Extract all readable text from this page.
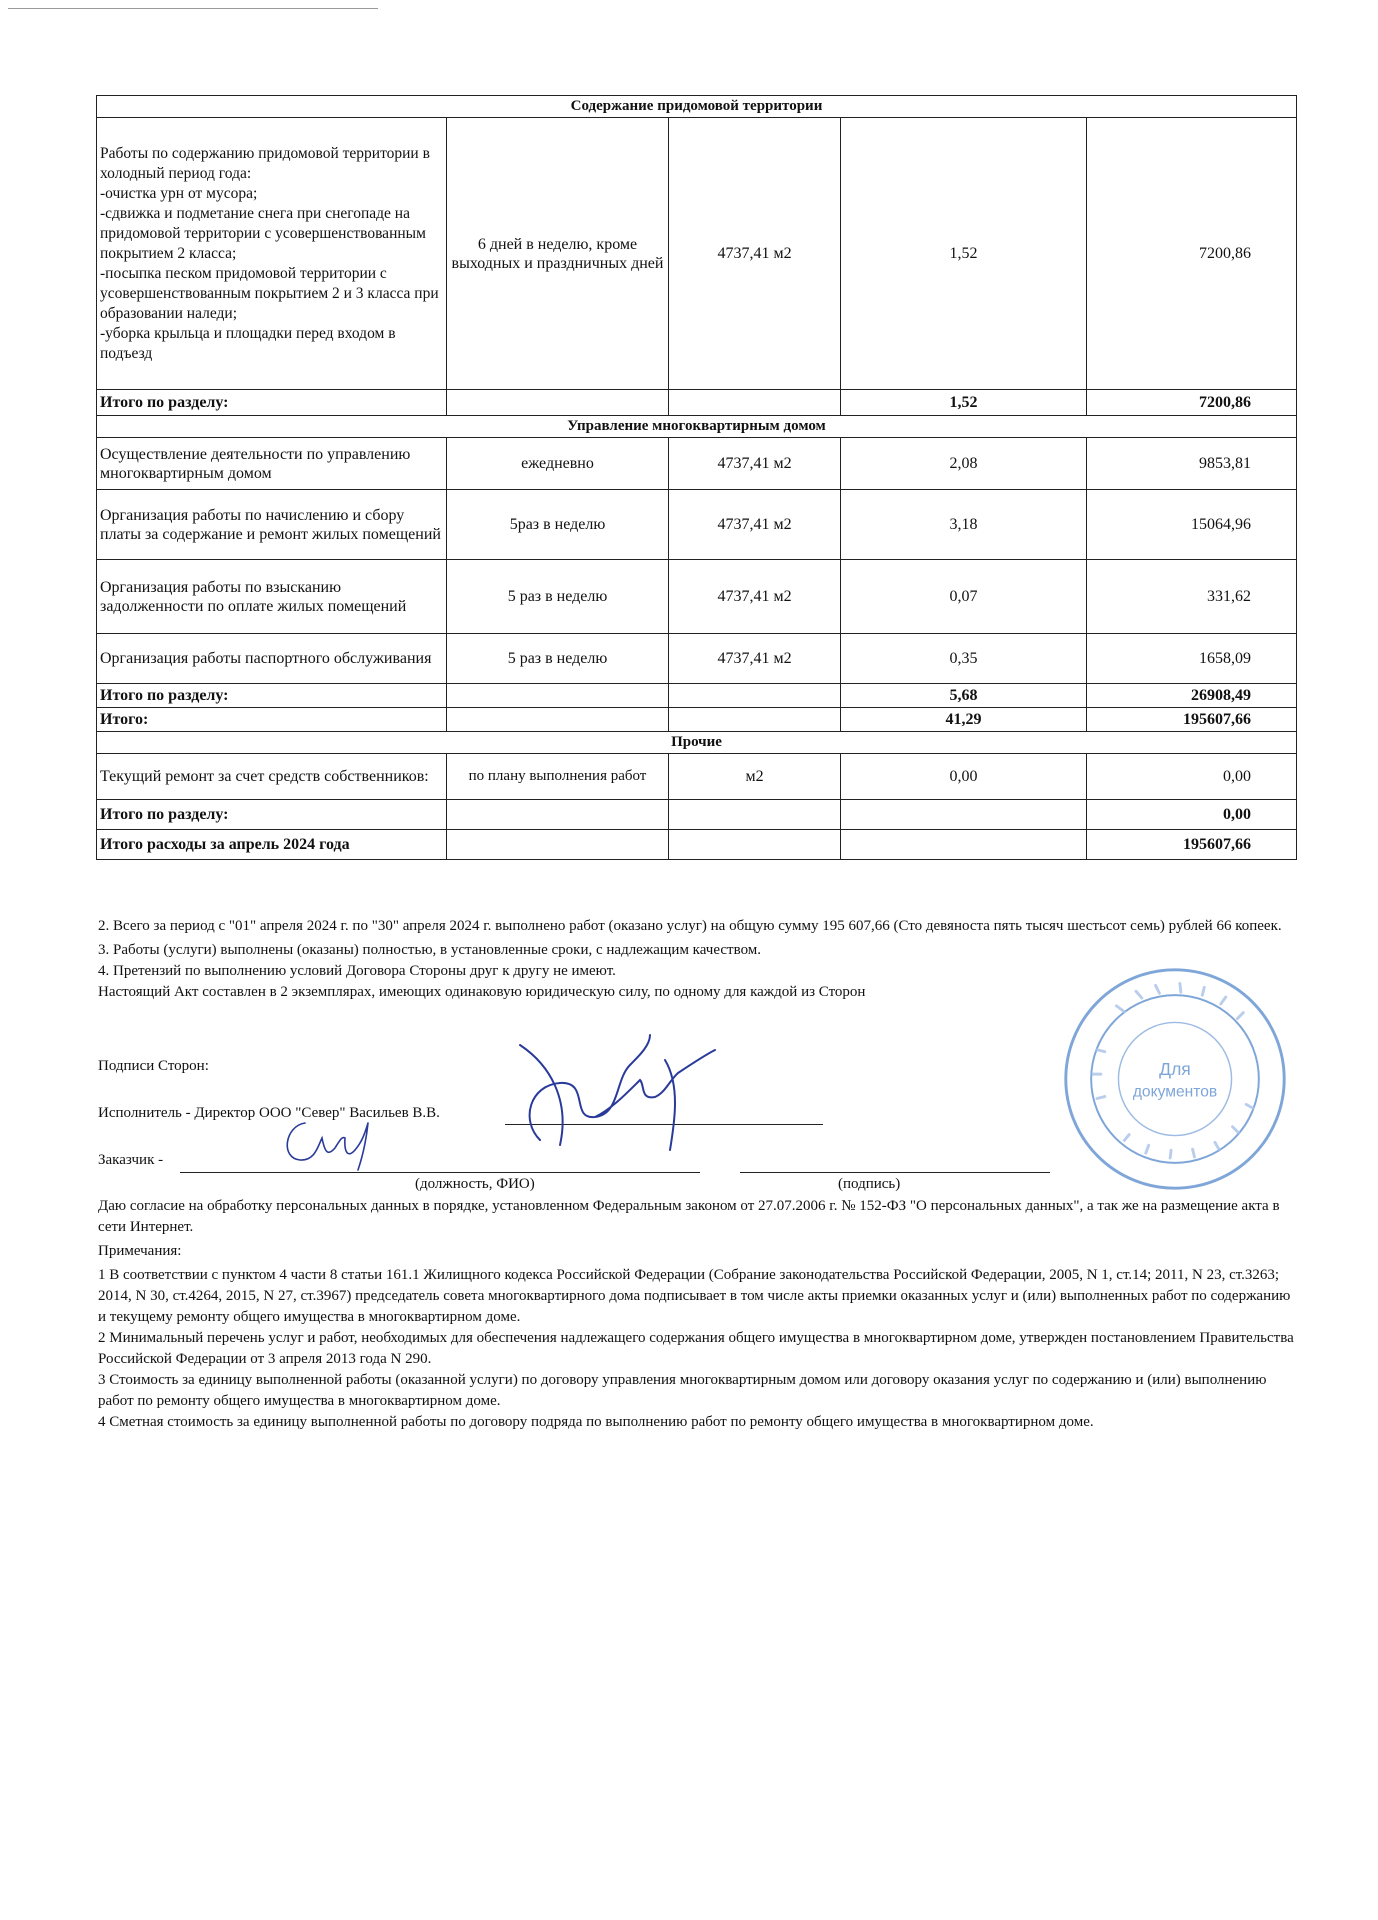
Содержание придомовой территории				
Работы по содержанию придомовой территории в холодный период года:
-очистка урн от мусора;
-сдвижка и подметание снега при снегопаде на придомовой территории с усовершенствованным покрытием 2 класса;
-посыпка песком придомовой территории с усовершенствованным покрытием 2 и 3 класса при образовании наледи;
-уборка крыльца и площадки перед входом в подъезд	6 дней в неделю, кроме выходных и праздничных дней	4737,41 м2	1,52	7200,86
Итого по разделу:			1,52	7200,86
Управление многоквартирным домом				
Осуществление деятельности по управлению многоквартирным домом	ежедневно	4737,41 м2	2,08	9853,81
Организация работы по начислению и сбору платы за содержание и ремонт жилых помещений	5раз в неделю	4737,41 м2	3,18	15064,96
Организация работы по взысканию задолженности по оплате жилых помещений	5 раз в неделю	4737,41 м2	0,07	331,62
Организация работы паспортного обслуживания	5 раз в неделю	4737,41 м2	0,35	1658,09
Итого по разделу:			5,68	26908,49
Итого:			41,29	195607,66
Прочие				
Текущий ремонт за счет средств собственников:	по плану выполнения работ	м2	0,00	0,00
Итого по разделу:				0,00
Итого расходы за апрель 2024 года				195607,66

2. Всего за период с "01" апреля 2024 г. по "30" апреля 2024 г. выполнено работ (оказано услуг) на общую сумму 195 607,66 (Сто девяноста пять тысяч шестьсот семь) рублей 66 копеек.

3. Работы (услуги) выполнены (оказаны) полностью, в установленные сроки, с надлежащим качеством.

4. Претензий по выполнению условий Договора Стороны друг к другу не имеют.

Настоящий Акт составлен в 2 экземплярах, имеющих одинаковую юридическую силу, по одному для каждой из Сторон

Подписи Сторон:
Исполнитель - Директор ООО "Север" Васильев В.В.
Заказчик -
(должность, ФИО)	(подпись)
Для
документов

Даю согласие на обработку персональных данных в порядке, установленном Федеральным законом от 27.07.2006 г. № 152-ФЗ "О персональных данных", а так же на размещение акта в сети Интернет.

Примечания:

1 В соответствии с пунктом 4 части 8 статьи 161.1 Жилищного кодекса Российской Федерации (Собрание законодательства Российской Федерации, 2005, N 1, ст.14; 2011, N 23, ст.3263; 2014, N 30, ст.4264, 2015, N 27, ст.3967) председатель совета многоквартирного дома подписывает в том числе акты приемки оказанных услуг и (или) выполненных работ по содержанию и текущему ремонту общего имущества в многоквартирном доме.

2 Минимальный перечень услуг и работ, необходимых для обеспечения надлежащего содержания общего имущества в многоквартирном доме, утвержден постановлением Правительства Российской Федерации от 3 апреля 2013 года N 290.

3 Стоимость за единицу выполненной работы (оказанной услуги) по договору управления многоквартирным домом или договору оказания услуг по содержанию и (или) выполнению работ по ремонту общего имущества в многоквартирном доме.

4 Сметная стоимость за единицу выполненной работы по договору подряда по выполнению работ по ремонту общего имущества в многоквартирном доме.
